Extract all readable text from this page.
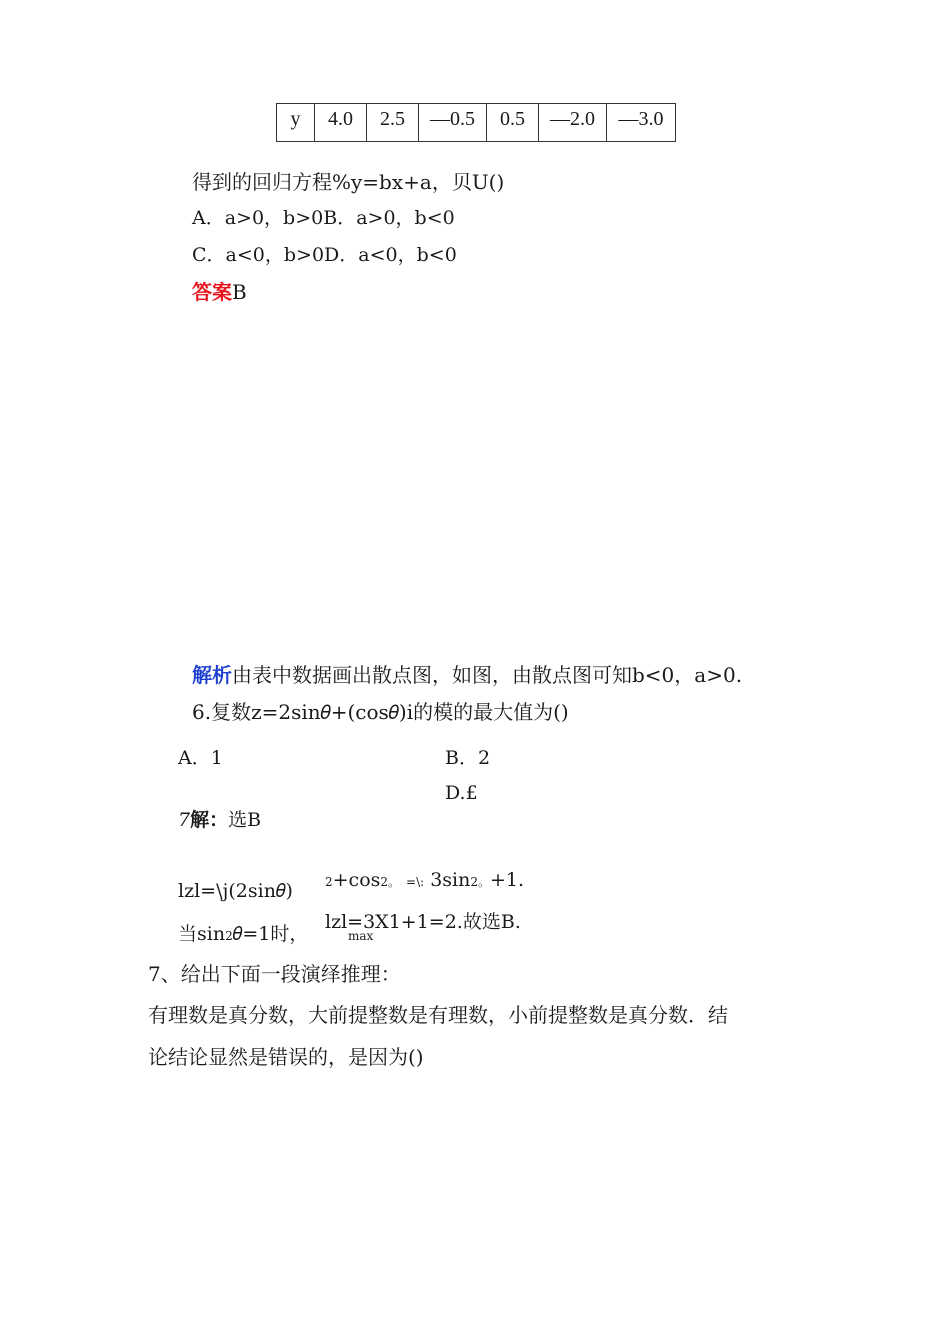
y	4.0	2.5	—0.5	0.5	—2.0	—3.0
得到的回归方程%y=bx+a，贝U()
A．a>0，b>0B．a>0，b<0
C．a<0，b>0D．a<0，b<0
答案B
解析由表中数据画出散点图，如图，由散点图可知b<0，a>0.
6.复数z=2sin𝜃+(cos𝜃)i的模的最大值为()
A．1	B．2
D.£
7解：选B
lzl=\j(2sin𝜃)	2+cos2。 =\: 3sin2。+1.
当sin2𝜃=1时，
lzl=3X1+1=2.故选B.
max
7、给出下面一段演绎推理：
有理数是真分数，大前提整数是有理数，小前提整数是真分数．结
论结论显然是错误的，是因为()
